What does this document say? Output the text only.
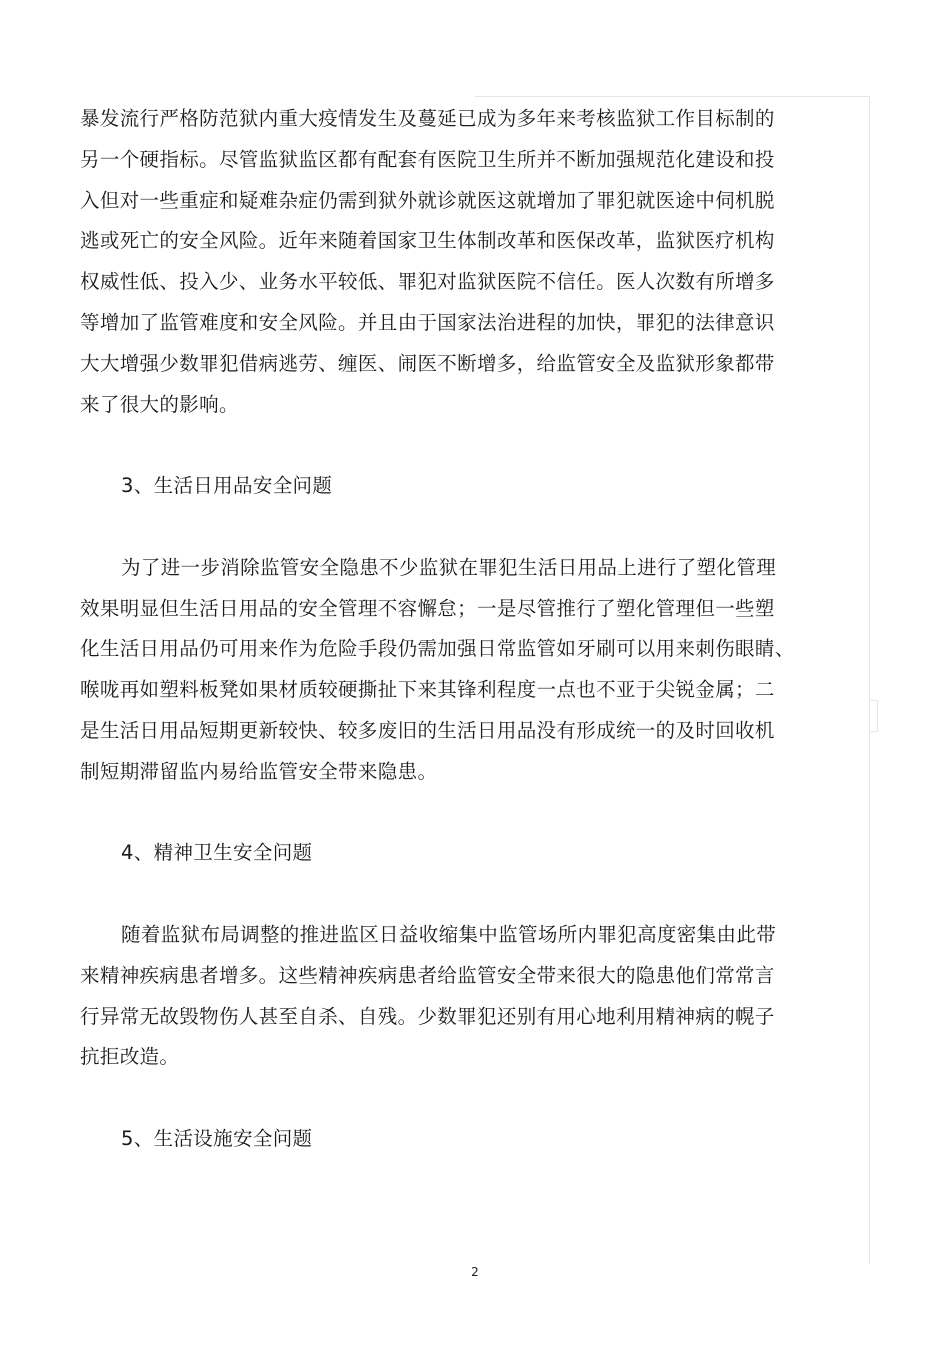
暴发流行严格防范狱内重大疫情发生及蔓延已成为多年来考核监狱工作目标制的
另一个硬指标。尽管监狱监区都有配套有医院卫生所并不断加强规范化建设和投
入但对一些重症和疑难杂症仍需到狱外就诊就医这就增加了罪犯就医途中伺机脱
逃或死亡的安全风险。近年来随着国家卫生体制改革和医保改革，监狱医疗机构
权威性低、投入少、业务水平较低、罪犯对监狱医院不信任。医人次数有所增多
等增加了监管难度和安全风险。并且由于国家法治进程的加快，罪犯的法律意识
大大增强少数罪犯借病逃劳、缠医、闹医不断增多，给监管安全及监狱形象都带
来了很大的影响。
3、生活日用品安全问题
为了进一步消除监管安全隐患不少监狱在罪犯生活日用品上进行了塑化管理
效果明显但生活日用品的安全管理不容懈怠；一是尽管推行了塑化管理但一些塑
化生活日用品仍可用来作为危险手段仍需加强日常监管如牙刷可以用来刺伤眼睛、
喉咙再如塑料板凳如果材质较硬撕扯下来其锋利程度一点也不亚于尖锐金属；二
是生活日用品短期更新较快、较多废旧的生活日用品没有形成统一的及时回收机
制短期滞留监内易给监管安全带来隐患。
4、精神卫生安全问题
随着监狱布局调整的推进监区日益收缩集中监管场所内罪犯高度密集由此带
来精神疾病患者增多。这些精神疾病患者给监管安全带来很大的隐患他们常常言
行异常无故毁物伤人甚至自杀、自残。少数罪犯还别有用心地利用精神病的幌子
抗拒改造。
5、生活设施安全问题
2
